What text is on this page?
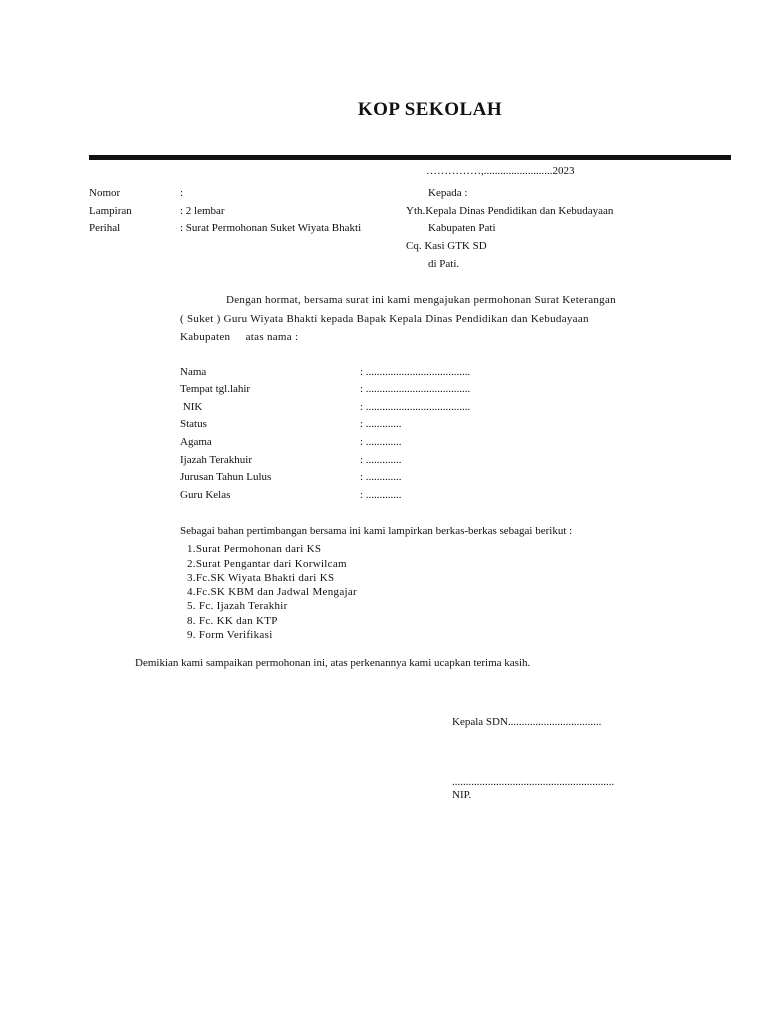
KOP SEKOLAH
……………,.........................2023
Nomor	:
Lampiran	: 2 lembar
Perihal	: Surat Permohonan Suket Wiyata Bhakti
Kepada :
Yth.Kepala Dinas Pendidikan dan Kebudayaan
Kabupaten Pati
Cq. Kasi GTK SD
di Pati.
Dengan hormat, bersama surat ini kami mengajukan permohonan Surat Keterangan
( Suket ) Guru Wiyata Bhakti kepada Bapak Kepala Dinas Pendidikan dan Kebudayaan
Kabupaten     atas nama :
Nama	: ......................................
Tempat tgl.lahir	: ......................................
NIK	: ......................................
Status	: .............
Agama	: .............
Ijazah Terakhuir	: .............
Jurusan Tahun Lulus	: .............
Guru Kelas	: .............
Sebagai bahan pertimbangan bersama ini kami lampirkan berkas-berkas sebagai berikut :
1.Surat Permohonan dari KS
2.Surat Pengantar dari Korwilcam
3.Fc.SK Wiyata Bhakti dari KS
4.Fc.SK KBM dan Jadwal Mengajar
5. Fc. Ijazah Terakhir
8. Fc. KK dan KTP
9. Form Verifikasi
Demikian kami sampaikan permohonan ini, atas perkenannya kami ucapkan terima kasih.
Kepala SDN..................................
...........................................................
NIP.
